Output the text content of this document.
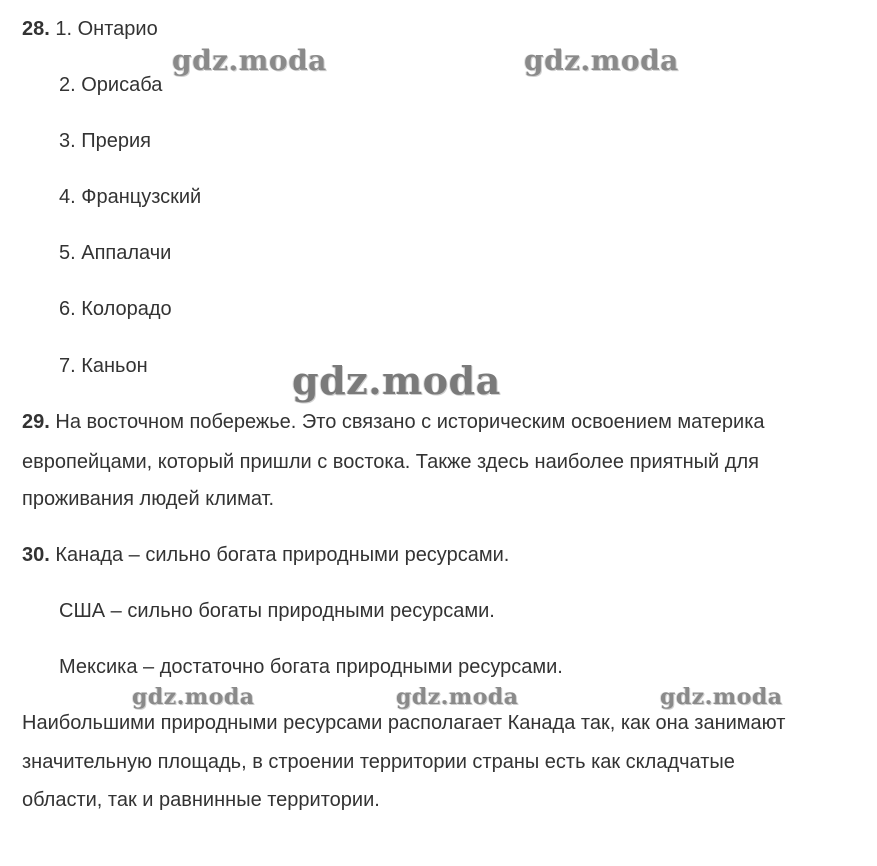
28. 1. Онтарио
2. Орисаба
3. Прерия
4. Французский
5. Аппалачи
6. Колорадо
7. Каньон
29. На восточном побережье. Это связано с историческим освоением материка
европейцами, который пришли с востока. Также здесь наиболее приятный для
проживания людей климат.
30. Канада – сильно богата природными ресурсами.
США – сильно богаты природными ресурсами.
Мексика – достаточно богата природными ресурсами.
Наибольшими природными ресурсами располагает Канада так, как она занимают
значительную площадь, в строении территории страны есть как складчатые
области, так и равнинные территории.
gdz.moda	gdz.moda
gdz.moda
gdz.moda	gdz.moda	gdz.moda
